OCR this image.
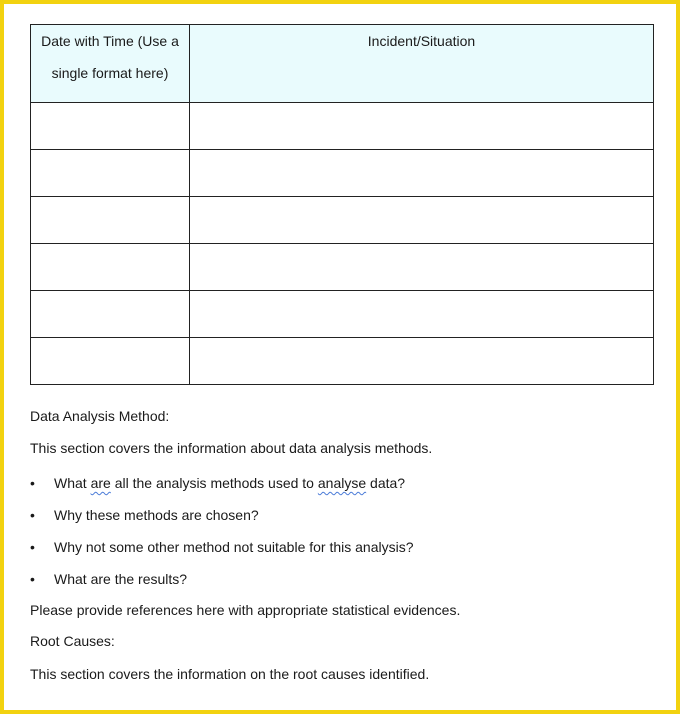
Date with Time (Use a single format here)	Incident/Situation

Data Analysis Method:
This section covers the information about data analysis methods.
• What are all the analysis methods used to analyse data?
• Why these methods are chosen?
• Why not some other method not suitable for this analysis?
• What are the results?
Please provide references here with appropriate statistical evidences.
Root Causes:
This section covers the information on the root causes identified.
